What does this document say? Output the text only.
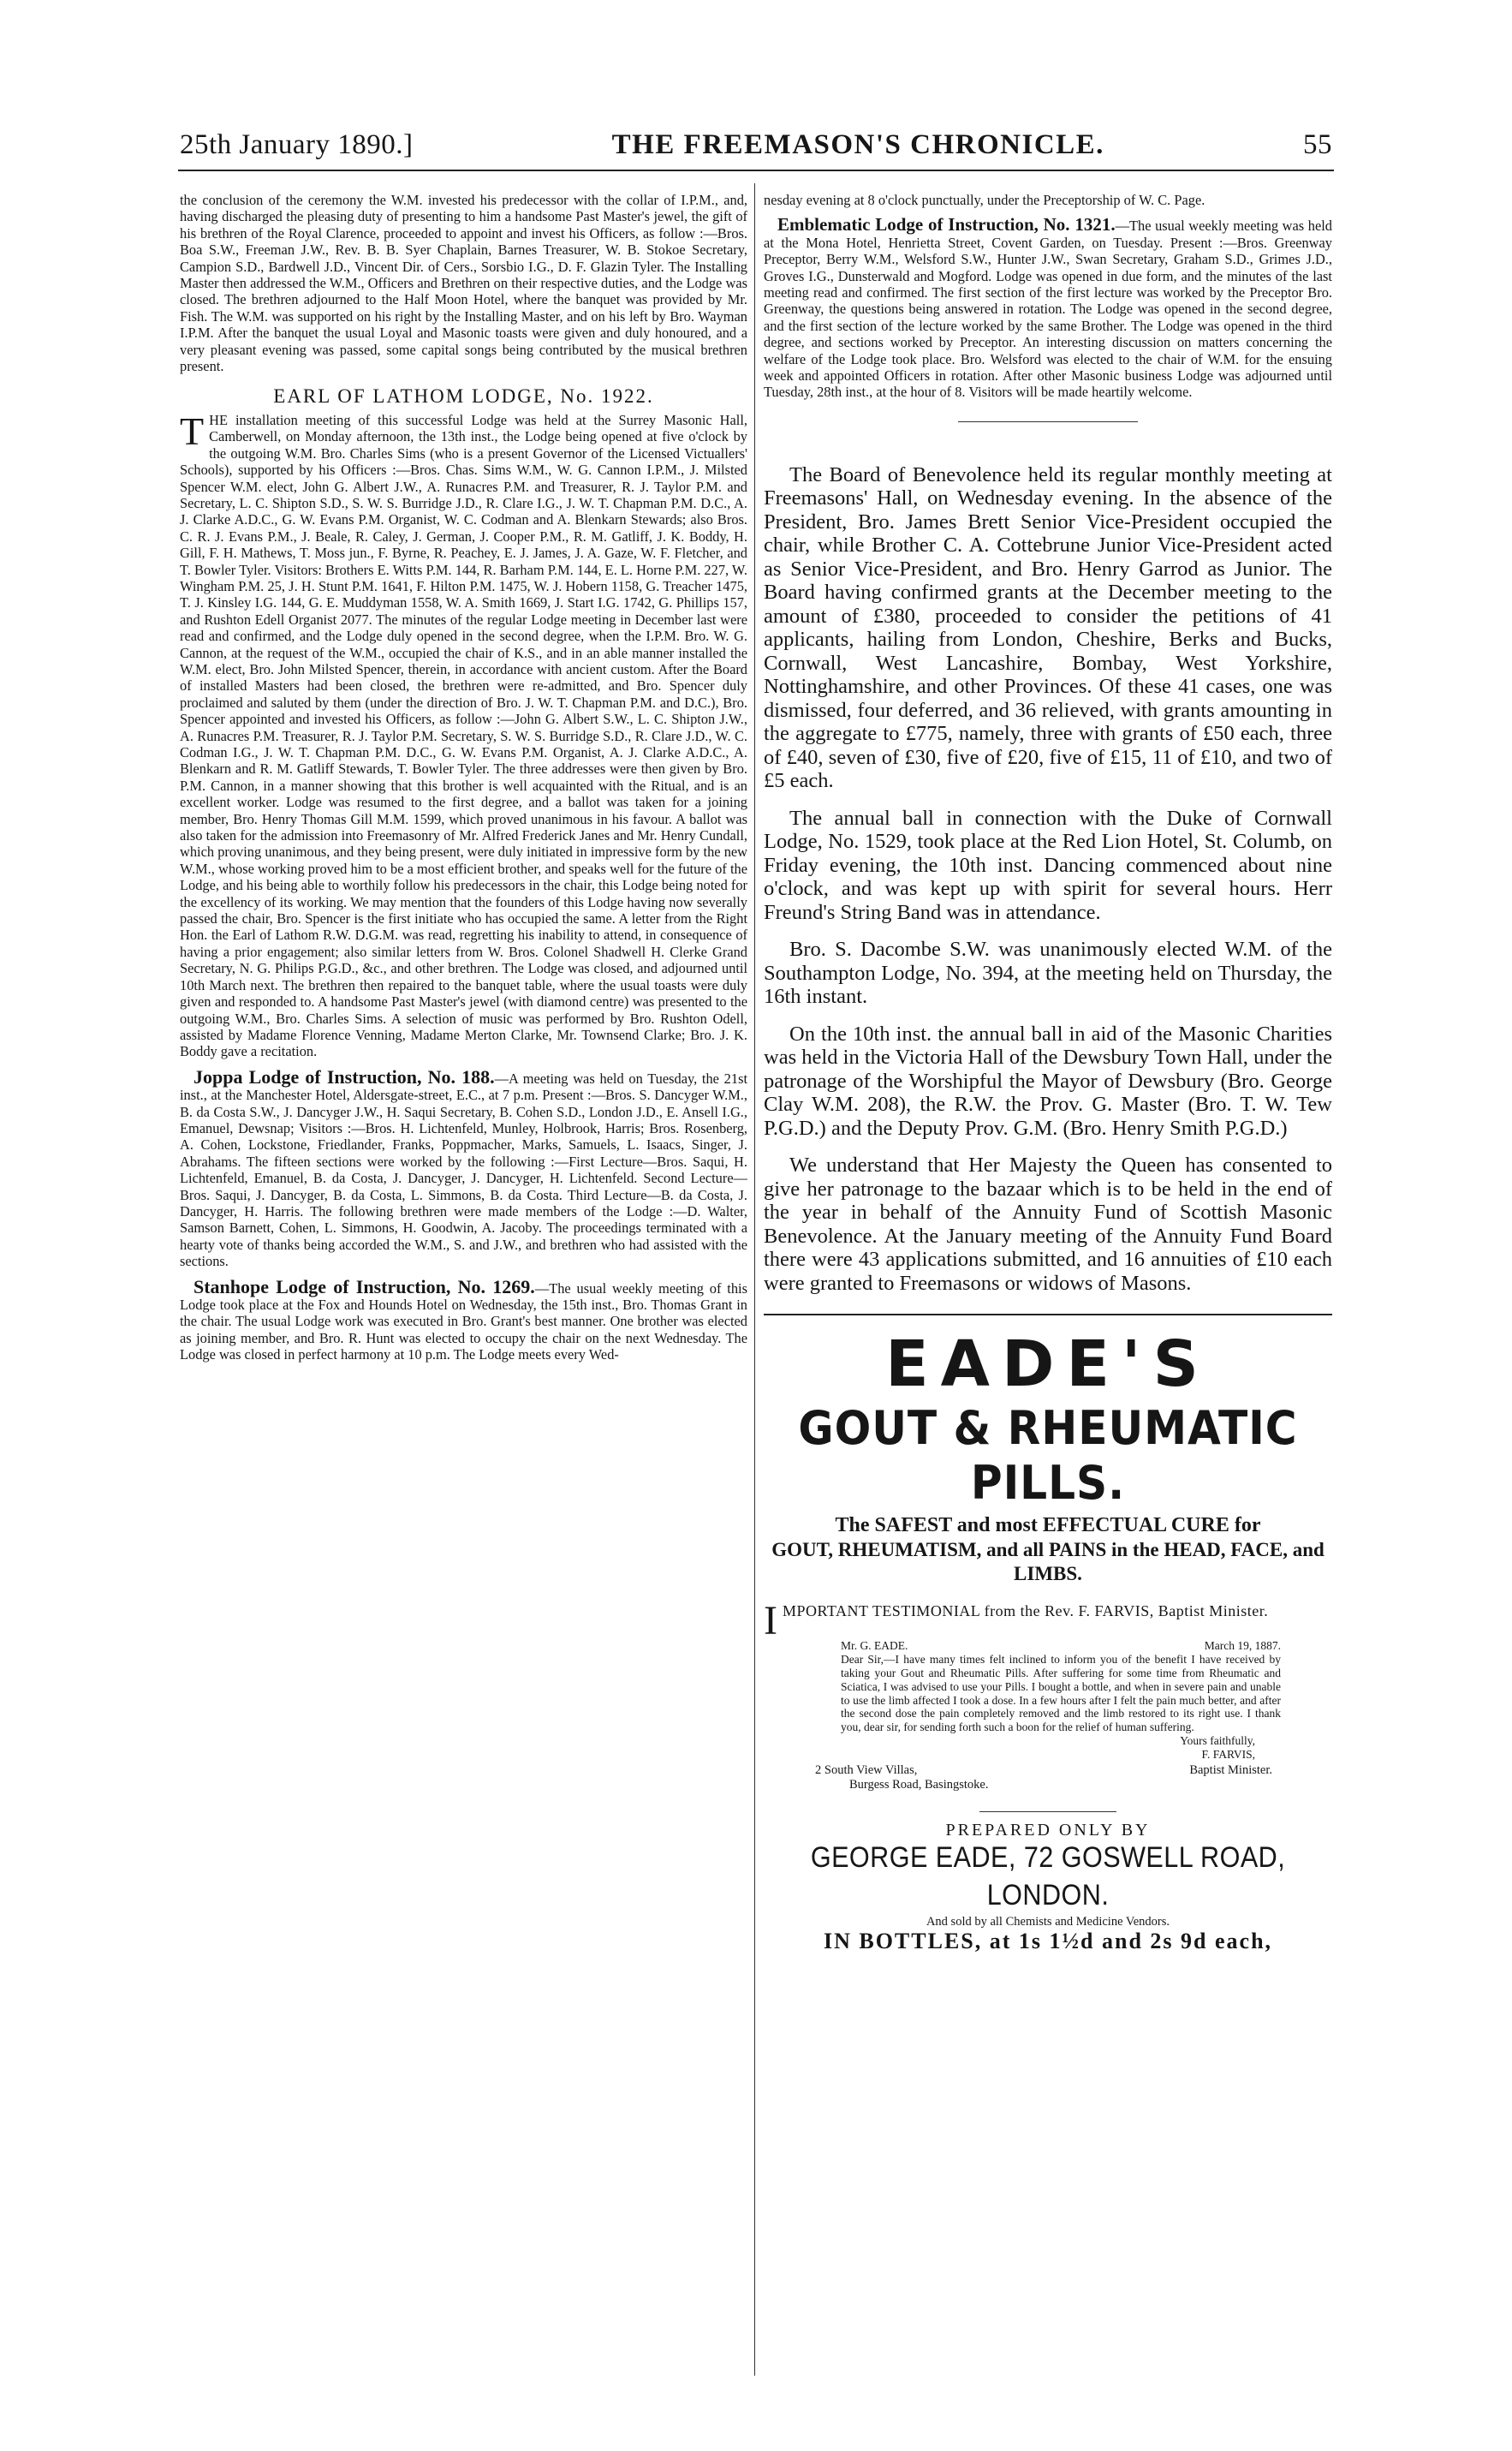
25th January 1890.]	THE FREEMASON'S CHRONICLE.	55

the conclusion of the ceremony the W.M. invested his predecessor with the collar of I.P.M., and, having discharged the pleasing duty of presenting to him a handsome Past Master's jewel, the gift of his brethren of the Royal Clarence, proceeded to appoint and invest his Officers, as follow :—Bros. Boa S.W., Freeman J.W., Rev. B. B. Syer Chaplain, Barnes Treasurer, W. B. Stokoe Secretary, Campion S.D., Bardwell J.D., Vincent Dir. of Cers., Sorsbio I.G., D. F. Glazin Tyler. The Installing Master then addressed the W.M., Officers and Brethren on their respective duties, and the Lodge was closed. The brethren adjourned to the Half Moon Hotel, where the banquet was provided by Mr. Fish. The W.M. was supported on his right by the Installing Master, and on his left by Bro. Wayman I.P.M. After the banquet the usual Loyal and Masonic toasts were given and duly honoured, and a very pleasant evening was passed, some capital songs being contributed by the musical brethren present.

EARL OF LATHOM LODGE, No. 1922.

THE installation meeting of this successful Lodge was held at the Surrey Masonic Hall, Camberwell, on Monday afternoon, the 13th inst., the Lodge being opened at five o'clock by the outgoing W.M. Bro. Charles Sims (who is a present Governor of the Licensed Victuallers' Schools), supported by his Officers :—Bros. Chas. Sims W.M., W. G. Cannon I.P.M., J. Milsted Spencer W.M. elect, John G. Albert J.W., A. Runacres P.M. and Treasurer, R. J. Taylor P.M. and Secretary, L. C. Shipton S.D., S. W. S. Burridge J.D., R. Clare I.G., J. W. T. Chapman P.M. D.C., A. J. Clarke A.D.C., G. W. Evans P.M. Organist, W. C. Codman and A. Blenkarn Stewards; also Bros. C. R. J. Evans P.M., J. Beale, R. Caley, J. German, J. Cooper P.M., R. M. Gatliff, J. K. Boddy, H. Gill, F. H. Mathews, T. Moss jun., F. Byrne, R. Peachey, E. J. James, J. A. Gaze, W. F. Fletcher, and T. Bowler Tyler. Visitors: Brothers E. Witts P.M. 144, R. Barham P.M. 144, E. L. Horne P.M. 227, W. Wingham P.M. 25, J. H. Stunt P.M. 1641, F. Hilton P.M. 1475, W. J. Hobern 1158, G. Treacher 1475, T. J. Kinsley I.G. 144, G. E. Muddyman 1558, W. A. Smith 1669, J. Start I.G. 1742, G. Phillips 157, and Rushton Edell Organist 2077. The minutes of the regular Lodge meeting in December last were read and confirmed, and the Lodge duly opened in the second degree, when the I.P.M. Bro. W. G. Cannon, at the request of the W.M., occupied the chair of K.S., and in an able manner installed the W.M. elect, Bro. John Milsted Spencer, therein, in accordance with ancient custom. After the Board of installed Masters had been closed, the brethren were re-admitted, and Bro. Spencer duly proclaimed and saluted by them (under the direction of Bro. J. W. T. Chapman P.M. and D.C.), Bro. Spencer appointed and invested his Officers, as follow :—John G. Albert S.W., L. C. Shipton J.W., A. Runacres P.M. Treasurer, R. J. Taylor P.M. Secretary, S. W. S. Burridge S.D., R. Clare J.D., W. C. Codman I.G., J. W. T. Chapman P.M. D.C., G. W. Evans P.M. Organist, A. J. Clarke A.D.C., A. Blenkarn and R. M. Gatliff Stewards, T. Bowler Tyler. The three addresses were then given by Bro. P.M. Cannon, in a manner showing that this brother is well acquainted with the Ritual, and is an excellent worker. Lodge was resumed to the first degree, and a ballot was taken for a joining member, Bro. Henry Thomas Gill M.M. 1599, which proved unanimous in his favour. A ballot was also taken for the admission into Freemasonry of Mr. Alfred Frederick Janes and Mr. Henry Cundall, which proving unanimous, and they being present, were duly initiated in impressive form by the new W.M., whose working proved him to be a most efficient brother, and speaks well for the future of the Lodge, and his being able to worthily follow his predecessors in the chair, this Lodge being noted for the excellency of its working. We may mention that the founders of this Lodge having now severally passed the chair, Bro. Spencer is the first initiate who has occupied the same. A letter from the Right Hon. the Earl of Lathom R.W. D.G.M. was read, regretting his inability to attend, in consequence of having a prior engagement; also similar letters from W. Bros. Colonel Shadwell H. Clerke Grand Secretary, N. G. Philips P.G.D., &c., and other brethren. The Lodge was closed, and adjourned until 10th March next. The brethren then repaired to the banquet table, where the usual toasts were duly given and responded to. A handsome Past Master's jewel (with diamond centre) was presented to the outgoing W.M., Bro. Charles Sims. A selection of music was performed by Bro. Rushton Odell, assisted by Madame Florence Venning, Madame Merton Clarke, Mr. Townsend Clarke; Bro. J. K. Boddy gave a recitation.

Joppa Lodge of Instruction, No. 188.—A meeting was held on Tuesday, the 21st inst., at the Manchester Hotel, Aldersgate-street, E.C., at 7 p.m. Present :—Bros. S. Dancyger W.M., B. da Costa S.W., J. Dancyger J.W., H. Saqui Secretary, B. Cohen S.D., London J.D., E. Ansell I.G., Emanuel, Dewsnap; Visitors :—Bros. H. Lichtenfeld, Munley, Holbrook, Harris; Bros. Rosenberg, A. Cohen, Lockstone, Friedlander, Franks, Poppmacher, Marks, Samuels, L. Isaacs, Singer, J. Abrahams. The fifteen sections were worked by the following :—First Lecture—Bros. Saqui, H. Lichtenfeld, Emanuel, B. da Costa, J. Dancyger, J. Dancyger, H. Lichtenfeld. Second Lecture—Bros. Saqui, J. Dancyger, B. da Costa, L. Simmons, B. da Costa. Third Lecture—B. da Costa, J. Dancyger, H. Harris. The following brethren were made members of the Lodge :—D. Walter, Samson Barnett, Cohen, L. Simmons, H. Goodwin, A. Jacoby. The proceedings terminated with a hearty vote of thanks being accorded the W.M., S. and J.W., and brethren who had assisted with the sections.

Stanhope Lodge of Instruction, No. 1269.—The usual weekly meeting of this Lodge took place at the Fox and Hounds Hotel on Wednesday, the 15th inst., Bro. Thomas Grant in the chair. The usual Lodge work was executed in Bro. Grant's best manner. One brother was elected as joining member, and Bro. R. Hunt was elected to occupy the chair on the next Wednesday. The Lodge was closed in perfect harmony at 10 p.m. The Lodge meets every Wed-

nesday evening at 8 o'clock punctually, under the Preceptorship of W. C. Page.

Emblematic Lodge of Instruction, No. 1321.—The usual weekly meeting was held at the Mona Hotel, Henrietta Street, Covent Garden, on Tuesday. Present :—Bros. Greenway Preceptor, Berry W.M., Welsford S.W., Hunter J.W., Swan Secretary, Graham S.D., Grimes J.D., Groves I.G., Dunsterwald and Mogford. Lodge was opened in due form, and the minutes of the last meeting read and confirmed. The first section of the first lecture was worked by the Preceptor Bro. Greenway, the questions being answered in rotation. The Lodge was opened in the second degree, and the first section of the lecture worked by the same Brother. The Lodge was opened in the third degree, and sections worked by Preceptor. An interesting discussion on matters concerning the welfare of the Lodge took place. Bro. Welsford was elected to the chair of W.M. for the ensuing week and appointed Officers in rotation. After other Masonic business Lodge was adjourned until Tuesday, 28th inst., at the hour of 8. Visitors will be made heartily welcome.

The Board of Benevolence held its regular monthly meeting at Freemasons' Hall, on Wednesday evening. In the absence of the President, Bro. James Brett Senior Vice-President occupied the chair, while Brother C. A. Cottebrune Junior Vice-President acted as Senior Vice-President, and Bro. Henry Garrod as Junior. The Board having confirmed grants at the December meeting to the amount of £380, proceeded to consider the petitions of 41 applicants, hailing from London, Cheshire, Berks and Bucks, Cornwall, West Lancashire, Bombay, West Yorkshire, Nottinghamshire, and other Provinces. Of these 41 cases, one was dismissed, four deferred, and 36 relieved, with grants amounting in the aggregate to £775, namely, three with grants of £50 each, three of £40, seven of £30, five of £20, five of £15, 11 of £10, and two of £5 each.

The annual ball in connection with the Duke of Cornwall Lodge, No. 1529, took place at the Red Lion Hotel, St. Columb, on Friday evening, the 10th inst. Dancing commenced about nine o'clock, and was kept up with spirit for several hours. Herr Freund's String Band was in attendance.

Bro. S. Dacombe S.W. was unanimously elected W.M. of the Southampton Lodge, No. 394, at the meeting held on Thursday, the 16th instant.

On the 10th inst. the annual ball in aid of the Masonic Charities was held in the Victoria Hall of the Dewsbury Town Hall, under the patronage of the Worshipful the Mayor of Dewsbury (Bro. George Clay W.M. 208), the R.W. the Prov. G. Master (Bro. T. W. Tew P.G.D.) and the Deputy Prov. G.M. (Bro. Henry Smith P.G.D.)

We understand that Her Majesty the Queen has consented to give her patronage to the bazaar which is to be held in the end of the year in behalf of the Annuity Fund of Scottish Masonic Benevolence. At the January meeting of the Annuity Fund Board there were 43 applications submitted, and 16 annuities of £10 each were granted to Freemasons or widows of Masons.

EADE'S
GOUT & RHEUMATIC PILLS.
The SAFEST and most EFFECTUAL CURE for
GOUT, RHEUMATISM, and all PAINS in the HEAD, FACE, and LIMBS.
IMPORTANT TESTIMONIAL from the Rev. F. FARVIS, Baptist Minister.
Mr. G. EADE.	March 19, 1887.
Dear Sir,—I have many times felt inclined to inform you of the benefit I have received by taking your Gout and Rheumatic Pills. After suffering for some time from Rheumatic and Sciatica, I was advised to use your Pills. I bought a bottle, and when in severe pain and unable to use the limb affected I took a dose. In a few hours after I felt the pain much better, and after the second dose the pain completely removed and the limb restored to its right use. I thank you, dear sir, for sending forth such a boon for the relief of human suffering.
Yours faithfully,
F. FARVIS,
2 South View Villas,	Baptist Minister.
Burgess Road, Basingstoke.
PREPARED ONLY BY
GEORGE EADE, 72 GOSWELL ROAD, LONDON.
And sold by all Chemists and Medicine Vendors.
IN BOTTLES, at 1s 1½d and 2s 9d each,
